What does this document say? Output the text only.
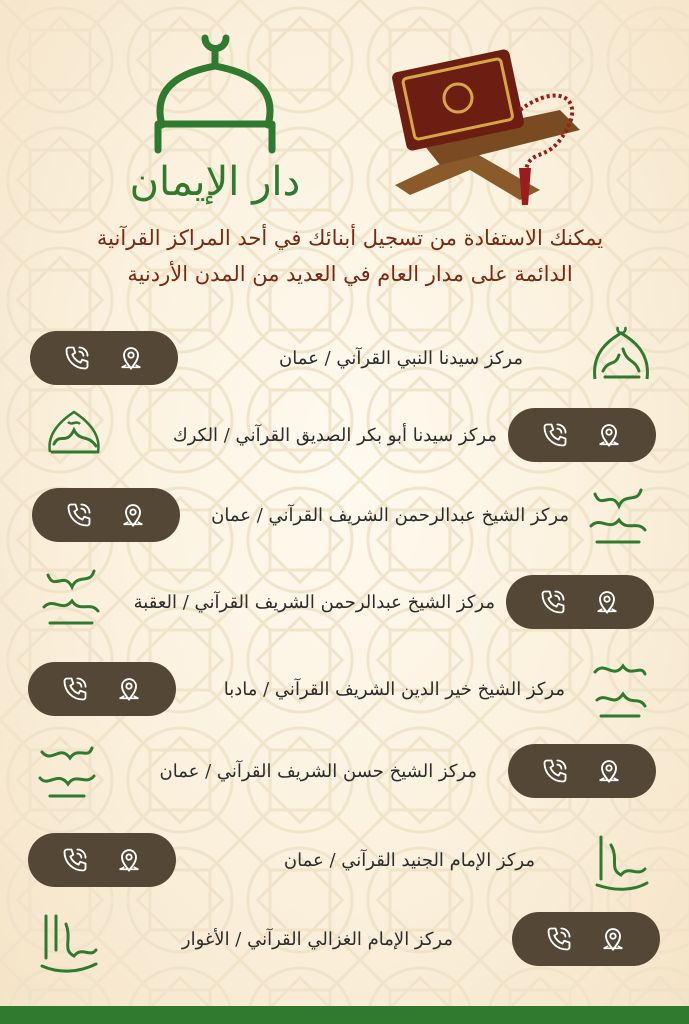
دار الإيمان
يمكنك الاستفادة من تسجيل أبنائك في أحد المراكز القرآنية
الدائمة على مدار العام في العديد من المدن الأردنية
مركز سيدنا النبي القرآني / عمان
مركز سيدنا أبو بكر الصديق القرآني / الكرك
مركز الشيخ عبدالرحمن الشريف القرآني / عمان
مركز الشيخ عبدالرحمن الشريف القرآني / العقبة
مركز الشيخ خير الدين الشريف القرآني / مادبا
مركز الشيخ حسن الشريف القرآني / عمان
مركز الإمام الجنيد القرآني / عمان
مركز الإمام الغزالي القرآني / الأغوار
